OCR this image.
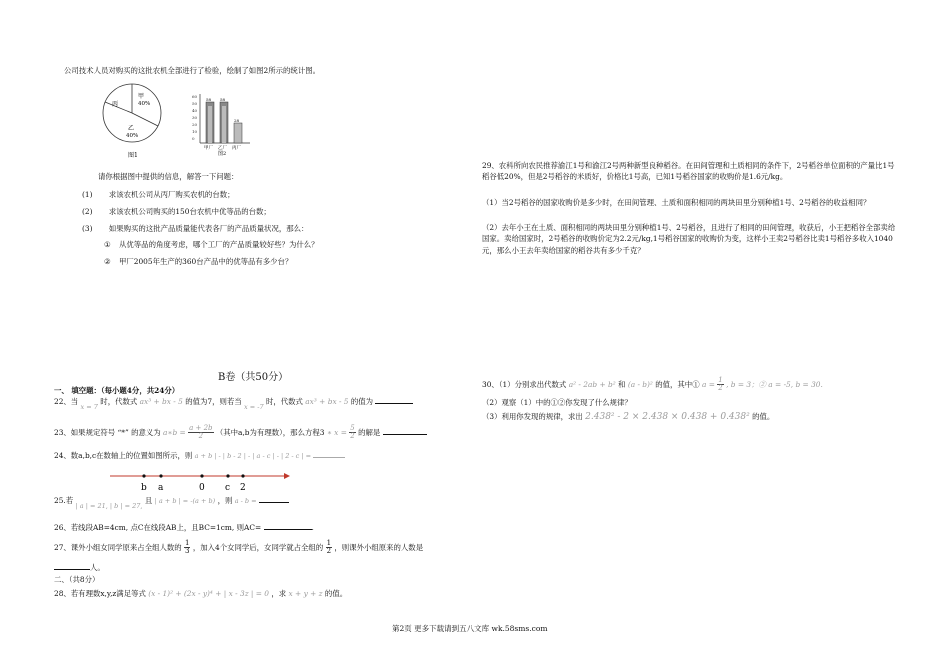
公司技术人员对购买的这批农机全部进行了检验，绘制了如图2所示的统计图。
丙
甲
40%
乙
40%
图1
60
50
40
30
20
10
0
58 58
28
甲厂 乙厂 丙厂
图2
请你根据图中提供的信息，解答一下问题：
(1) 求该农机公司从丙厂购买农机的台数；
(2) 求该农机公司购买的150台农机中优等品的台数；
(3) 如果购买的这批产品质量能代表各厂的产品质量状况，那么：
① 从优等品的角度考虑，哪个工厂的产品质量较好些？为什么？
② 甲厂2005年生产的360台产品中的优等品有多少台？
B卷（共50分）
一、 填空题：（每小题4分，共24分）
22、当 x = 7 时，代数式 ax³ + bx - 5 的值为7，则若当 x = -7 时，代数式 ax³ + bx - 5 的值为
23、如果规定符号 “*” 的意义为 a∗b = $\frac{a + 2b}{2}$ （其中a,b为有理数），那么方程3 ∗ $x = \frac{5}{2}$ 的解是
24、数a,b,c在数轴上的位置如图所示，则 a + b | - | b - 2 | - | a - c | - | 2 - c | =
b a	0 c 2
25.若 | a | = 21, | b | = 27, 且 | a + b | = -(a + b) ，则 a - b =
26、若线段AB=4cm, 点C在线段AB上，且BC=1cm, 则AC=	.
27、课外小组女同学原来占全组人数的 $\frac{1}{3}$ ，加入4个女同学后，女同学就占全组的 $\frac{1}{2}$ ，则课外小组原来的人数是
人。
二、（共8分）
28、若有理数x,y,z满足等式 (x - 1)² + (2x - y)⁴ + | x - 3z | = 0 ，求 x + y + z 的值。
29、农科所向农民推荐渝江1号和渝江2号两种新型良种稻谷。在田间管理和土质相同的条件下，2号稻谷单位面积的产量比1号稻谷低20%，但是2号稻谷的米质好，价格比1号高，已知1号稻谷国家的收购价是1.6元/kg。
（1）当2号稻谷的国家收购价是多少时，在田间管理、土质和面积相同的两块田里分别种植1号、2号稻谷的收益相同？
（2）去年小王在土质、面积相同的两块田里分别种植1号、2号稻谷，且进行了相同的田间管理，收获后，小王把稻谷全部卖给国家。卖给国家时，2号稻谷的收购价定为2.2元/kg,1号稻谷国家的收购价为变，这样小王卖2号稻谷比卖1号稻谷多收入1040元，那么小王去年卖给国家的稻谷共有多少千克？
30、（1）分别求出代数式 a² - 2ab + b² 和 (a - b)² 的值，其中① $a = \frac{1}{2}$ , b = 3；② a = -5, b = 30.
（2）观察（1）中的①②你发现了什么规律？
（3）利用你发现的规律，求出 2.438² - 2 × 2.438 × 0.438 + 0.438² 的值。
第2页 更多下载请到五八文库 wk.58sms.com
